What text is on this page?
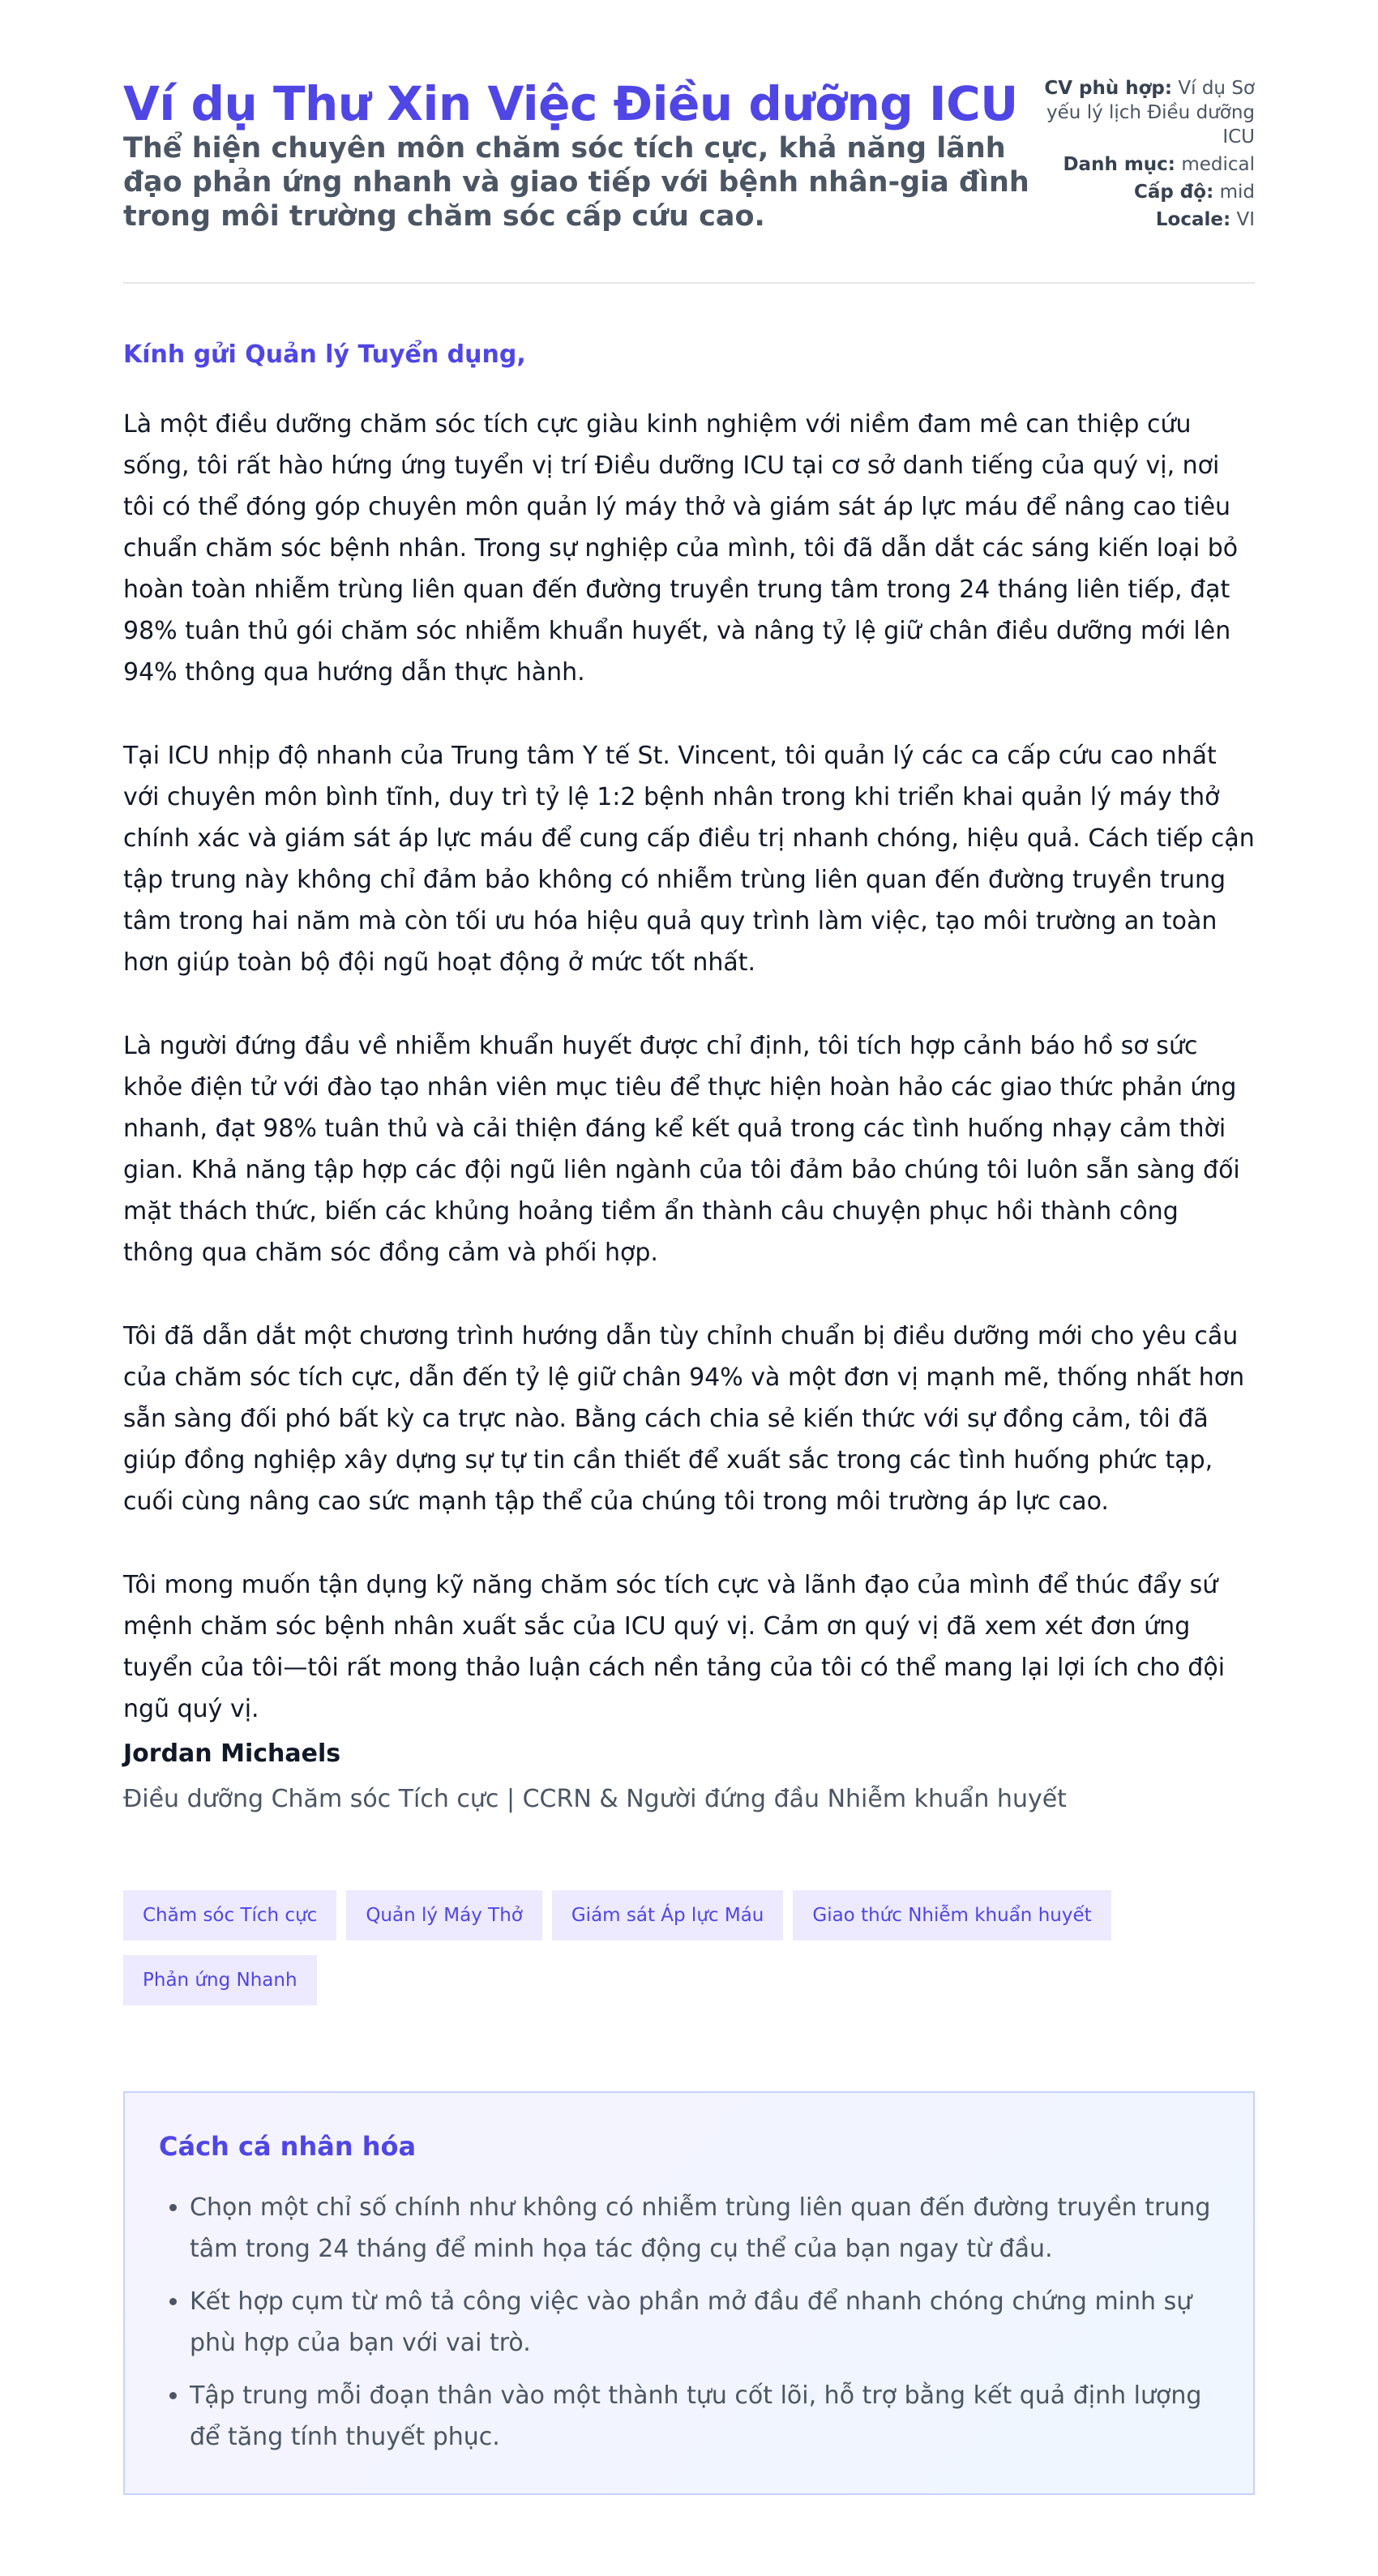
Ví dụ Thư Xin Việc Điều dưỡng ICU
Thể hiện chuyên môn chăm sóc tích cực, khả năng lãnh đạo phản ứng nhanh và giao tiếp với bệnh nhân-gia đình trong môi trường chăm sóc cấp cứu cao.
CV phù hợp: Ví dụ Sơ yếu lý lịch Điều dưỡng ICU
Danh mục: medical
Cấp độ: mid
Locale: VI
Kính gửi Quản lý Tuyển dụng,

Là một điều dưỡng chăm sóc tích cực giàu kinh nghiệm với niềm đam mê can thiệp cứu sống, tôi rất hào hứng ứng tuyển vị trí Điều dưỡng ICU tại cơ sở danh tiếng của quý vị, nơi tôi có thể đóng góp chuyên môn quản lý máy thở và giám sát áp lực máu để nâng cao tiêu chuẩn chăm sóc bệnh nhân. Trong sự nghiệp của mình, tôi đã dẫn dắt các sáng kiến loại bỏ hoàn toàn nhiễm trùng liên quan đến đường truyền trung tâm trong 24 tháng liên tiếp, đạt 98% tuân thủ gói chăm sóc nhiễm khuẩn huyết, và nâng tỷ lệ giữ chân điều dưỡng mới lên 94% thông qua hướng dẫn thực hành.

Tại ICU nhịp độ nhanh của Trung tâm Y tế St. Vincent, tôi quản lý các ca cấp cứu cao nhất với chuyên môn bình tĩnh, duy trì tỷ lệ 1:2 bệnh nhân trong khi triển khai quản lý máy thở chính xác và giám sát áp lực máu để cung cấp điều trị nhanh chóng, hiệu quả. Cách tiếp cận tập trung này không chỉ đảm bảo không có nhiễm trùng liên quan đến đường truyền trung tâm trong hai năm mà còn tối ưu hóa hiệu quả quy trình làm việc, tạo môi trường an toàn hơn giúp toàn bộ đội ngũ hoạt động ở mức tốt nhất.

Là người đứng đầu về nhiễm khuẩn huyết được chỉ định, tôi tích hợp cảnh báo hồ sơ sức khỏe điện tử với đào tạo nhân viên mục tiêu để thực hiện hoàn hảo các giao thức phản ứng nhanh, đạt 98% tuân thủ và cải thiện đáng kể kết quả trong các tình huống nhạy cảm thời gian. Khả năng tập hợp các đội ngũ liên ngành của tôi đảm bảo chúng tôi luôn sẵn sàng đối mặt thách thức, biến các khủng hoảng tiềm ẩn thành câu chuyện phục hồi thành công thông qua chăm sóc đồng cảm và phối hợp.

Tôi đã dẫn dắt một chương trình hướng dẫn tùy chỉnh chuẩn bị điều dưỡng mới cho yêu cầu của chăm sóc tích cực, dẫn đến tỷ lệ giữ chân 94% và một đơn vị mạnh mẽ, thống nhất hơn sẵn sàng đối phó bất kỳ ca trực nào. Bằng cách chia sẻ kiến thức với sự đồng cảm, tôi đã giúp đồng nghiệp xây dựng sự tự tin cần thiết để xuất sắc trong các tình huống phức tạp, cuối cùng nâng cao sức mạnh tập thể của chúng tôi trong môi trường áp lực cao.

Tôi mong muốn tận dụng kỹ năng chăm sóc tích cực và lãnh đạo của mình để thúc đẩy sứ mệnh chăm sóc bệnh nhân xuất sắc của ICU quý vị. Cảm ơn quý vị đã xem xét đơn ứng tuyển của tôi—tôi rất mong thảo luận cách nền tảng của tôi có thể mang lại lợi ích cho đội ngũ quý vị.

Jordan Michaels
Điều dưỡng Chăm sóc Tích cực | CCRN & Người đứng đầu Nhiễm khuẩn huyết
Chăm sóc Tích cực	Quản lý Máy Thở	Giám sát Áp lực Máu	Giao thức Nhiễm khuẩn huyếtPhản ứng Nhanh
Cách cá nhân hóa
• Chọn một chỉ số chính như không có nhiễm trùng liên quan đến đường truyền trung tâm trong 24 tháng để minh họa tác động cụ thể của bạn ngay từ đầu.
• Kết hợp cụm từ mô tả công việc vào phần mở đầu để nhanh chóng chứng minh sự phù hợp của bạn với vai trò.
• Tập trung mỗi đoạn thân vào một thành tựu cốt lõi, hỗ trợ bằng kết quả định lượng để tăng tính thuyết phục.
